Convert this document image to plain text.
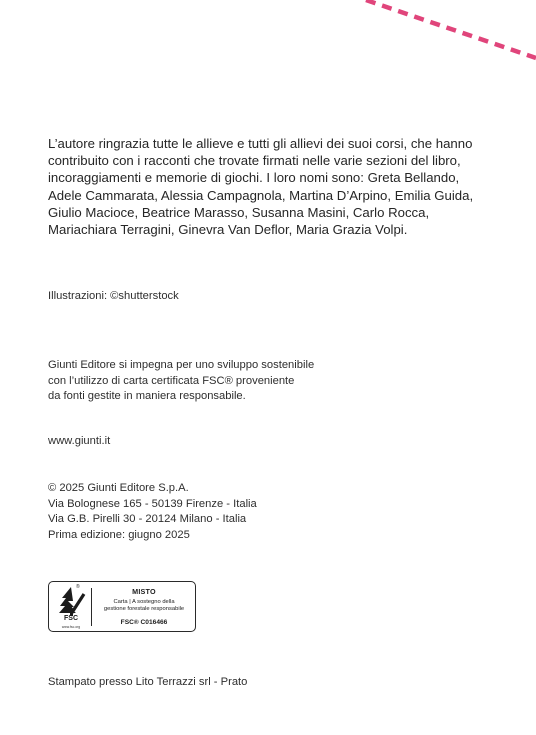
L’autore ringrazia tutte le allieve e tutti gli allievi dei suoi corsi, che hanno
contribuito con i racconti che trovate firmati nelle varie sezioni del libro,
incoraggiamenti e memorie di giochi. I loro nomi sono: Greta Bellando,
Adele Cammarata, Alessia Campagnola, Martina D’Arpino, Emilia Guida,
Giulio Macioce, Beatrice Marasso, Susanna Masini, Carlo Rocca,
Mariachiara Terragini, Ginevra Van Deflor, Maria Grazia Volpi.

Illustrazioni: ©shutterstock

Giunti Editore si impegna per uno sviluppo sostenibile
con l’utilizzo di carta certificata FSC® proveniente
da fonti gestite in maniera responsabile.

www.giunti.it

© 2025 Giunti Editore S.p.A.
Via Bolognese 165 - 50139 Firenze - Italia
Via G.B. Pirelli 30 - 20124 Milano - Italia
Prima edizione: giugno 2025
®
FSC
www.fsc.org
MISTO
Carta | A sostegno della
gestione forestale responsabile
FSC® C016466

Stampato presso Lito Terrazzi srl - Prato
